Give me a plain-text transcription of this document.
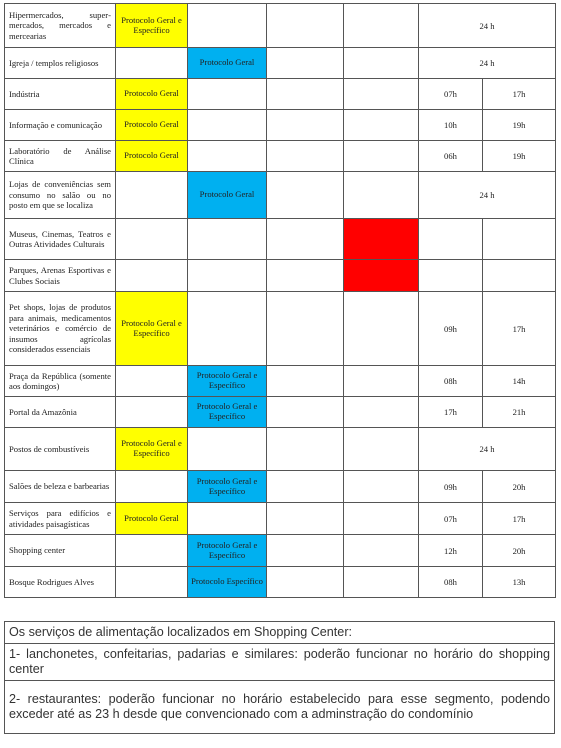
Hipermercados, supermercados, mercados e mercearias	Protocolo Geral e Específico				24 h	
Igreja / templos religiosos		Protocolo Geral			24 h	
Indústria	Protocolo Geral				07h	17h
Informação e comunicação	Protocolo Geral				10h	19h
Laboratório de Análise Clínica	Protocolo Geral				06h	19h
Lojas de conveniências sem consumo no salão ou no posto em que se localiza		Protocolo Geral			24 h	
Museus, Cinemas, Teatros e Outras Atividades Culturais						
Parques, Arenas Esportivas e Clubes Sociais						
Pet shops, lojas de produtos para animais, medicamentos veterinários e comércio de insumos agrícolas considerados essenciais	Protocolo Geral e Específico				09h	17h
Praça da República (somente aos domingos)		Protocolo Geral e Específico			08h	14h
Portal da Amazônia		Protocolo Geral e Específico			17h	21h
Postos de combustíveis	Protocolo Geral e Específico				24 h	
Salões de beleza e barbearias		Protocolo Geral e Específico			09h	20h
Serviços para edifícios e atividades paisagísticas	Protocolo Geral				07h	17h
Shopping center		Protocolo Geral e Específico			12h	20h
Bosque Rodrigues Alves		Protocolo Específico			08h	13h
Os serviços de alimentação localizados em Shopping Center:
1- lanchonetes, confeitarias, padarias e similares: poderão funcionar no horário do shopping center
2- restaurantes: poderão funcionar no horário estabelecido para esse segmento, podendo exceder até as 23 h desde que convencionado com a adminstração do condomínio
